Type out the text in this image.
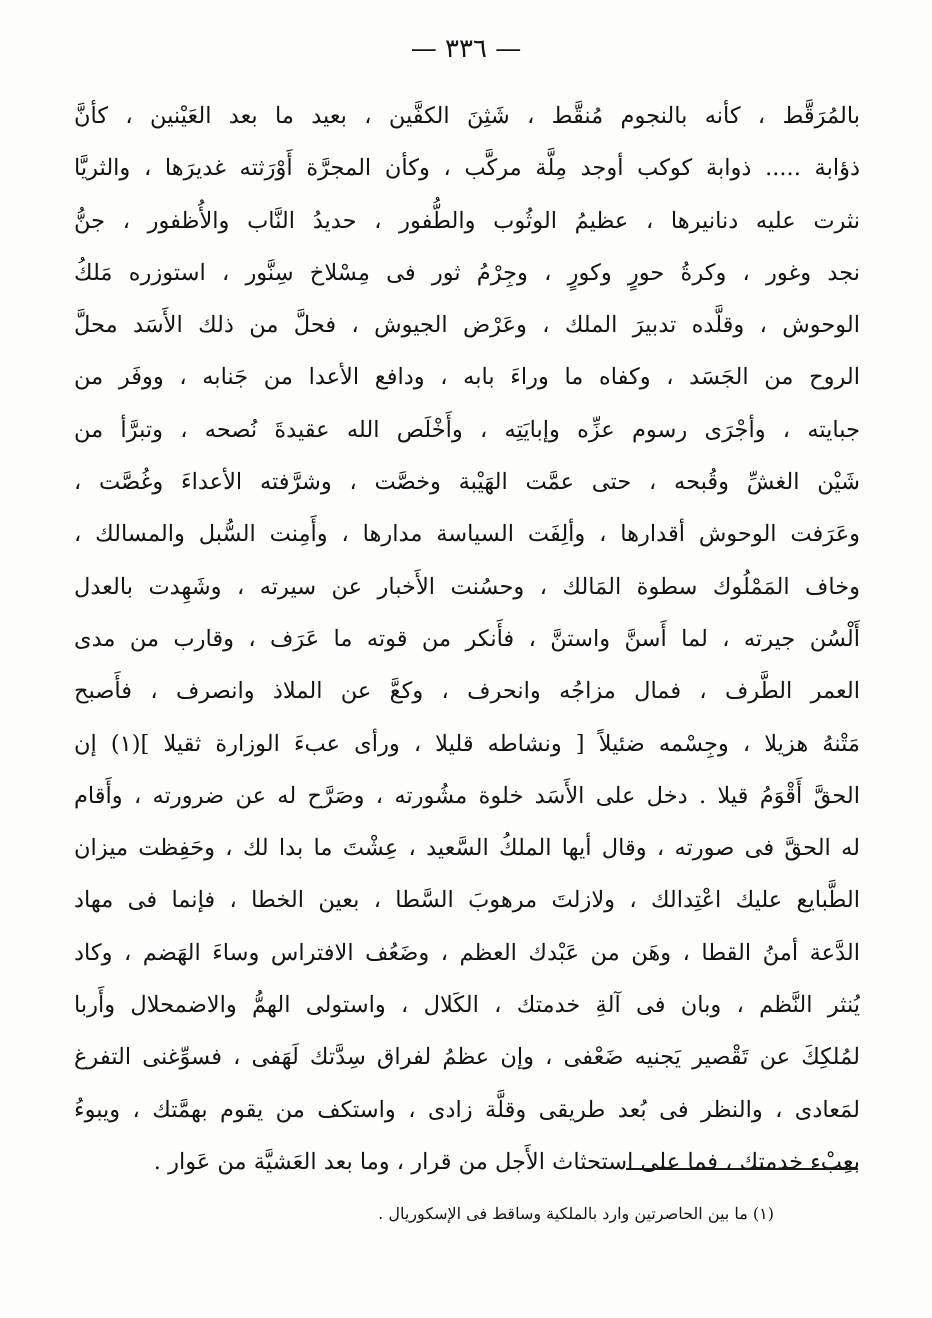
— ٣٣٦ —
بالمُرَقَّط ، كأنه بالنجوم مُنقَّط ، شَثِنَ الكفَّين ، بعيد ما بعد العَيْنين ، كأنَّ
ذؤابة ..... ذوابة كوكب أوجد مِلَّة مركَّب ، وكأن المجرَّة أَوْرَثته غديرَها ، والثريَّا
نثرت عليه دنانيرها ، عظيمُ الوثُوب والطُّفور ، حديدُ النَّاب والأُظفور ، جنُّ
نجد وغور ، وكرةُ حورٍ وكورٍ ، وجِرْمُ ثور فى مِسْلاخ سِنَّور ، استوزره مَلكُ
الوحوش ، وقلَّده تدبيرَ الملك ، وعَرْض الجيوش ، فحلَّ من ذلك الأَسَد محلَّ
الروح من الجَسَد ، وكفاه ما وراءَ بابه ، ودافع الأعدا من جَنابه ، ووفَر من
جبايته ، وأجْرَى رسوم عزِّه وإبايَتِه ، وأَخْلَص الله عقيدةَ نُصحه ، وتبرَّأ من
شَيْن الغشِّ وقُبحه ، حتى عمَّت الهَيْبة وخصَّت ، وشرَّفته الأعداءَ وغُصَّت ،
وعَرَفت الوحوش أقدارها ، وألِفَت السياسة مدارها ، وأَمِنت السُّبل والمسالك ،
وخاف المَمْلُوك سطوة المَالك ، وحسُنت الأَخبار عن سيرته ، وشَهِدت بالعدل
أَلْسُن جيرته ، لما أَسنَّ واستنَّ ، فأَنكر من قوته ما عَرَف ، وقارب من مدى
العمر الطَّرف ، فمال مزاجُه وانحرف ، وكعَّ عن الملاذ وانصرف ، فأَصبح
مَتْنهُ هزيلا ، وجِسْمه ضئيلاً [ ونشاطه قليلا ، ورأى عبءَ الوزارة ثقيلا ](١) إن
الحقَّ أَقْوَمُ قيلا . دخل على الأَسَد خلوة مشُورته ، وصَرَّح له عن ضرورته ، وأَقام
له الحقَّ فى صورته ، وقال أيها الملكُ السَّعيد ، عِشْتَ ما بدا لك ، وحَفِظت ميزان
الطَّبايع عليك اعْتِدالك ، ولازلتَ مرهوبَ السَّطا ، بعين الخطا ، فإنما فى مهاد
الدَّعة أمنُ القطا ، وهَن من عَبْدك العظم ، وضَعُف الافتراس وساءَ الهَضم ، وكاد
يُنثر النَّظم ، وبان فى آلةِ خدمتك ، الكَلال ، واستولى الهمُّ والاضمحلال وأَربا
لمُلكِكَ عن تَقْصير يَجنيه ضَعْفى ، وإن عظمُ لفراق سِدَّتك لَهَفى ، فسوِّغنى التفرغ
لمَعادى ، والنظر فى بُعد طريقى وقلَّة زادى ، واستكف من يقوم بهمَّتك ، ويبوءُ
بعِبْء خدمتك ، فما على استحثاث الأَجل من قرار ، وما بعد العَشيَّة من عَوار .
(١) ما بين الحاصرتين وارد بالملكية وساقط فى الإسكوريال .
